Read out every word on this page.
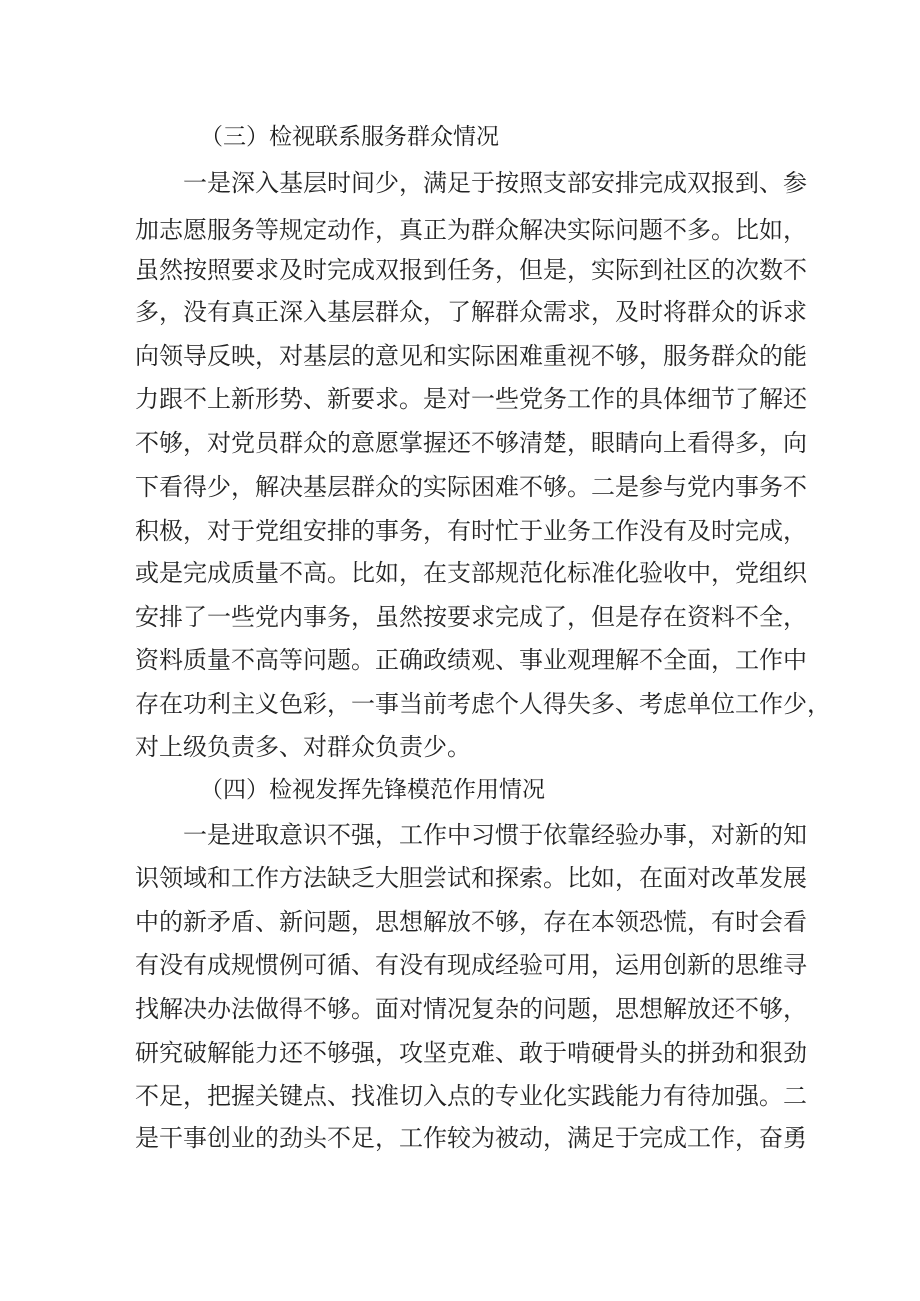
（三）检视联系服务群众情况
一是深入基层时间少，满足于按照支部安排完成双报到、参
加志愿服务等规定动作，真正为群众解决实际问题不多。比如，
虽然按照要求及时完成双报到任务，但是，实际到社区的次数不
多，没有真正深入基层群众，了解群众需求，及时将群众的诉求
向领导反映，对基层的意见和实际困难重视不够，服务群众的能
力跟不上新形势、新要求。是对一些党务工作的具体细节了解还
不够，对党员群众的意愿掌握还不够清楚，眼睛向上看得多，向
下看得少，解决基层群众的实际困难不够。二是参与党内事务不
积极，对于党组安排的事务，有时忙于业务工作没有及时完成，
或是完成质量不高。比如，在支部规范化标准化验收中，党组织
安排了一些党内事务，虽然按要求完成了，但是存在资料不全，
资料质量不高等问题。正确政绩观、事业观理解不全面，工作中
存在功利主义色彩，一事当前考虑个人得失多、考虑单位工作少，
对上级负责多、对群众负责少。
（四）检视发挥先锋模范作用情况
一是进取意识不强，工作中习惯于依靠经验办事，对新的知
识领域和工作方法缺乏大胆尝试和探索。比如，在面对改革发展
中的新矛盾、新问题，思想解放不够，存在本领恐慌，有时会看
有没有成规惯例可循、有没有现成经验可用，运用创新的思维寻
找解决办法做得不够。面对情况复杂的问题，思想解放还不够，
研究破解能力还不够强，攻坚克难、敢于啃硬骨头的拼劲和狠劲
不足，把握关键点、找准切入点的专业化实践能力有待加强。二
是干事创业的劲头不足，工作较为被动，满足于完成工作，奋勇
